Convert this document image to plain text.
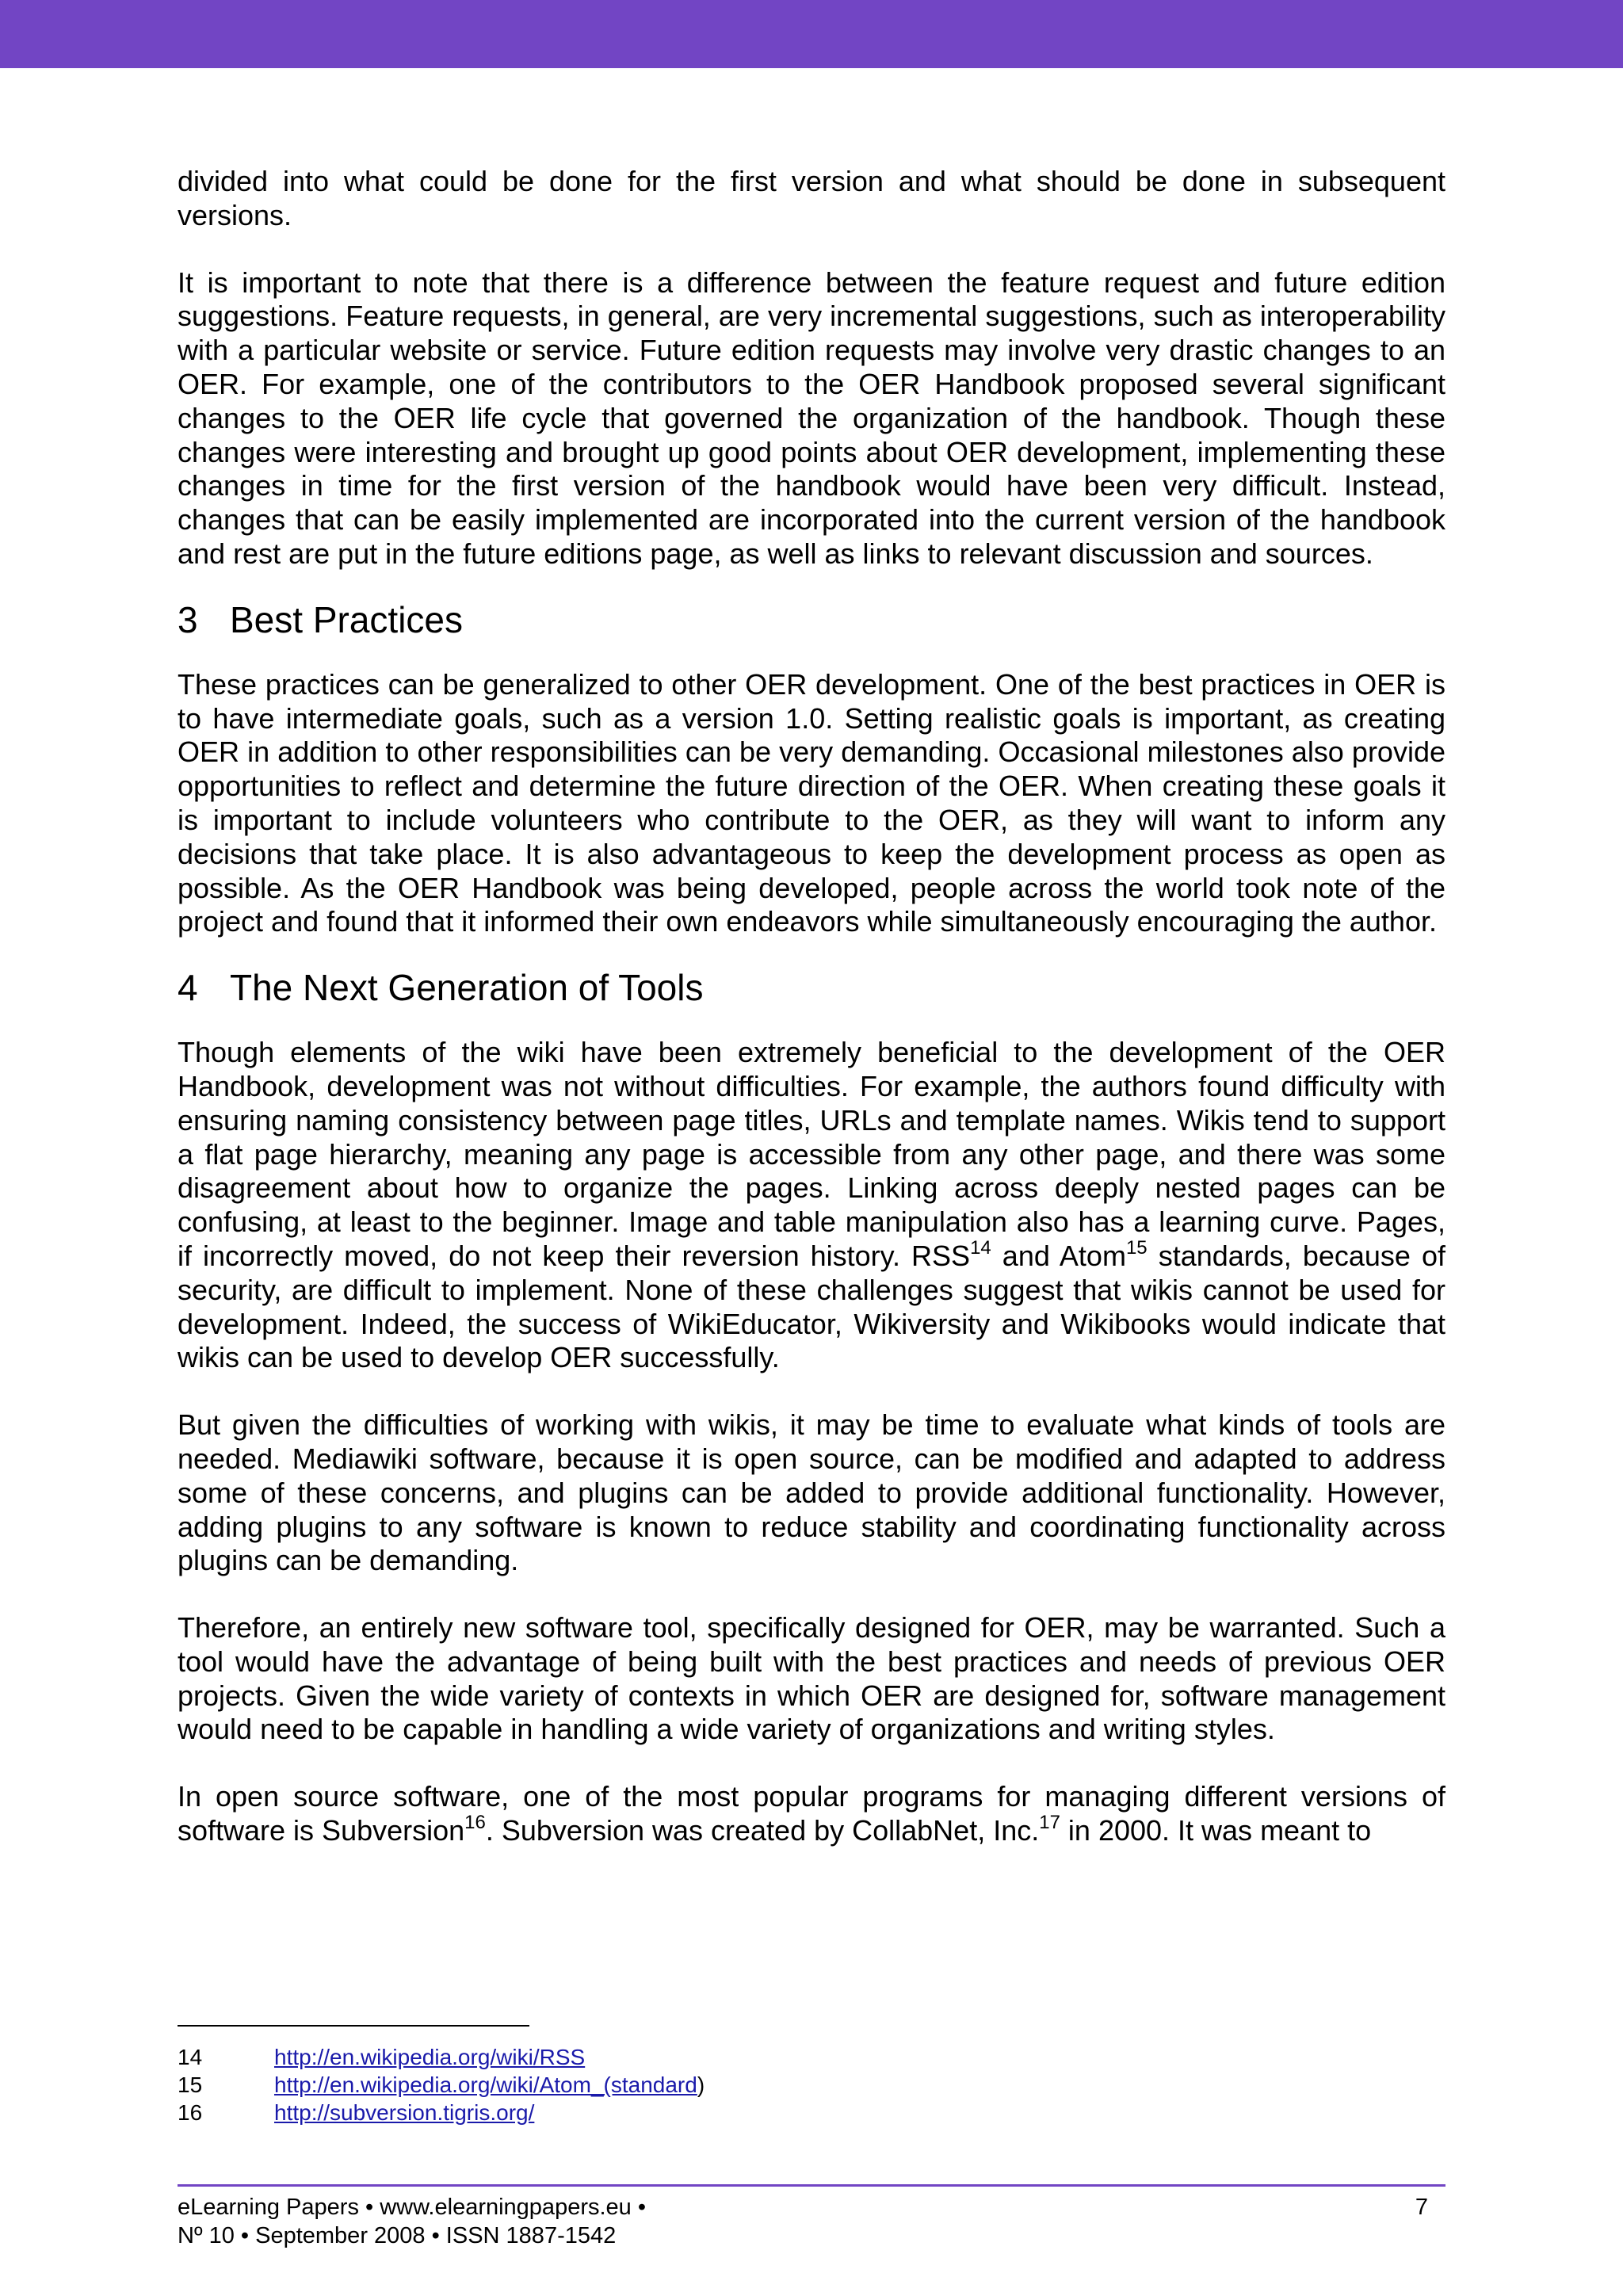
divided into what could be done for the first version and what should be done in subsequent versions.

It is important to note that there is a difference between the feature request and future edition suggestions. Feature requests, in general, are very incremental suggestions, such as interoperability with a particular website or service. Future edition requests may involve very drastic changes to an OER. For example, one of the contributors to the OER Handbook proposed several significant changes to the OER life cycle that governed the organization of the handbook. Though these changes were interesting and brought up good points about OER development, implementing these changes in time for the first version of the handbook would have been very difficult. Instead, changes that can be easily implemented are incorporated into the current version of the handbook and rest are put in the future editions page, as well as links to relevant discussion and sources.

3 Best Practices

These practices can be generalized to other OER development. One of the best practices in OER is to have intermediate goals, such as a version 1.0. Setting realistic goals is important, as creating OER in addition to other responsibilities can be very demanding. Occasional milestones also provide opportunities to reflect and determine the future direction of the OER. When creating these goals it is important to include volunteers who contribute to the OER, as they will want to inform any decisions that take place. It is also advantageous to keep the development process as open as possible. As the OER Handbook was being developed, people across the world took note of the project and found that it informed their own endeavors while simultaneously encouraging the author.

4 The Next Generation of Tools

Though elements of the wiki have been extremely beneficial to the development of the OER Handbook, development was not without difficulties. For example, the authors found difficulty with ensuring naming consistency between page titles, URLs and template names. Wikis tend to support a flat page hierarchy, meaning any page is accessible from any other page, and there was some disagreement about how to organize the pages. Linking across deeply nested pages can be confusing, at least to the beginner. Image and table manipulation also has a learning curve. Pages, if incorrectly moved, do not keep their reversion history. RSS$^{14}$ and Atom$^{15}$ standards, because of security, are difficult to implement. None of these challenges suggest that wikis cannot be used for development. Indeed, the success of WikiEducator, Wikiversity and Wikibooks would indicate that wikis can be used to develop OER successfully.

But given the difficulties of working with wikis, it may be time to evaluate what kinds of tools are needed. Mediawiki software, because it is open source, can be modified and adapted to address some of these concerns, and plugins can be added to provide additional functionality. However, adding plugins to any software is known to reduce stability and coordinating functionality across plugins can be demanding.

Therefore, an entirely new software tool, specifically designed for OER, may be warranted. Such a tool would have the advantage of being built with the best practices and needs of previous OER projects. Given the wide variety of contexts in which OER are designed for, software management would need to be capable in handling a wide variety of organizations and writing styles.

In open source software, one of the most popular programs for managing different versions of software is Subversion$^{16}$. Subversion was created by CollabNet, Inc.$^{17}$ in 2000. It was meant to

14	http://en.wikipedia.org/wiki/RSS
15	http://en.wikipedia.org/wiki/Atom_(standard)
16	http://subversion.tigris.org/
eLearning Papers • www.elearningpapers.eu •
Nº 10 • September 2008 • ISSN 1887-1542
7
